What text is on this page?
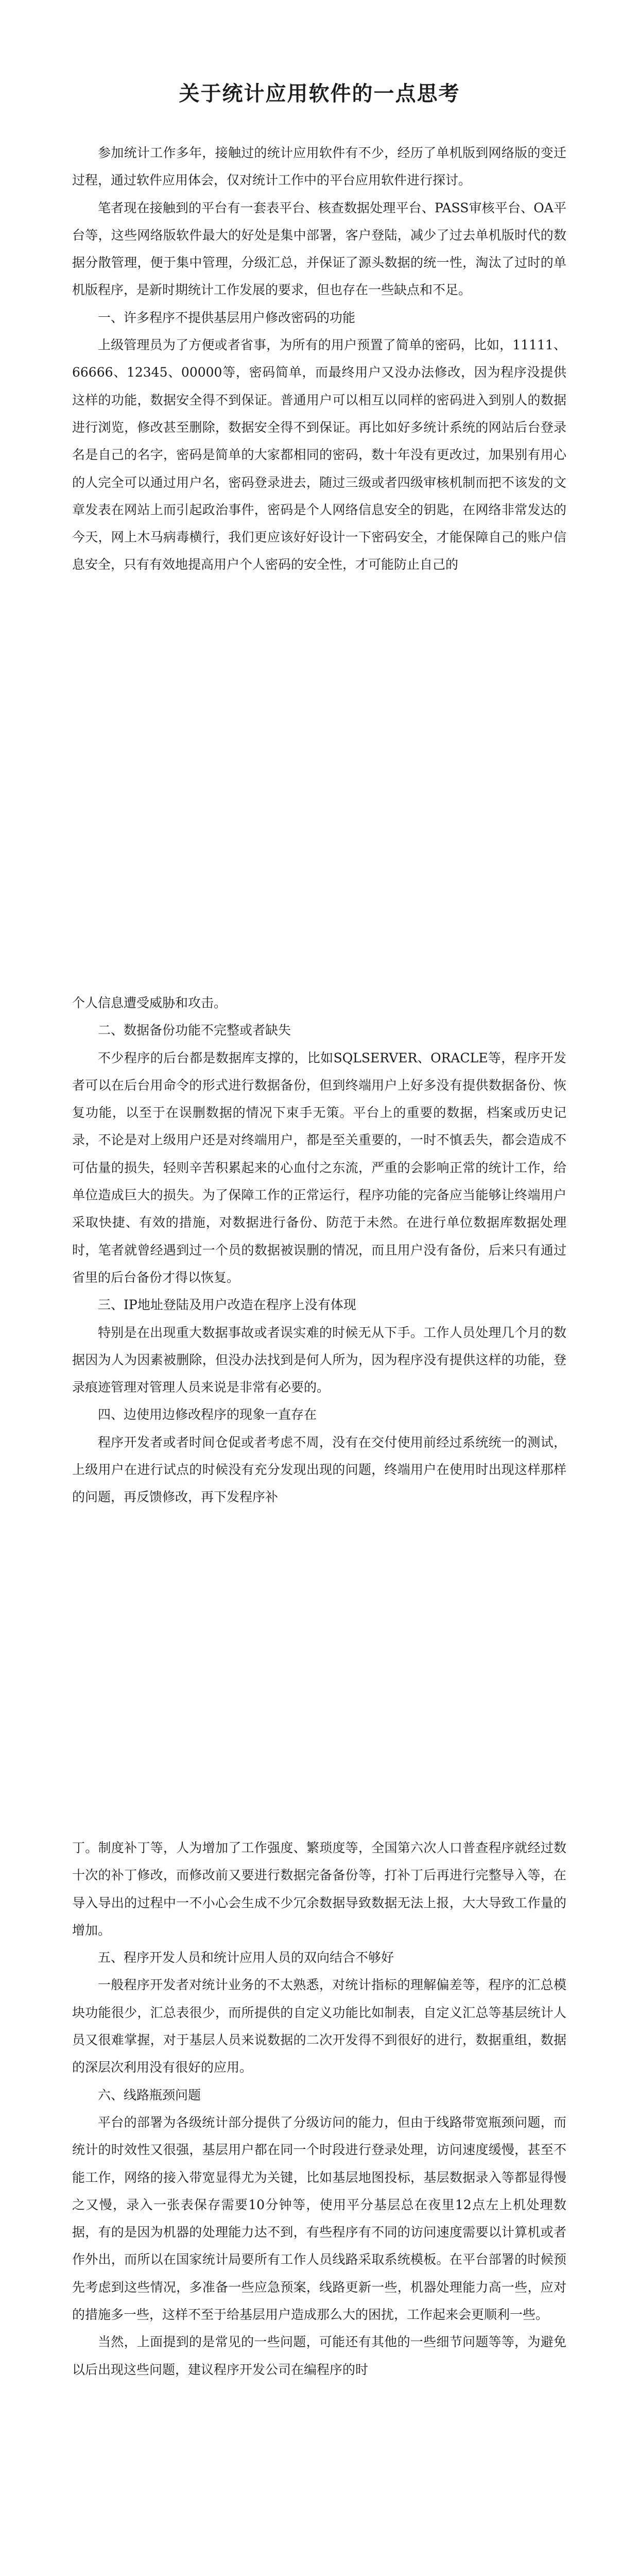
关于统计应用软件的一点思考

参加统计工作多年，接触过的统计应用软件有不少，经历了单机版到网络版的变迁过程，通过软件应用体会，仅对统计工作中的平台应用软件进行探讨。

笔者现在接触到的平台有一套表平台、核查数据处理平台、PASS审核平台、OA平台等，这些网络版软件最大的好处是集中部署，客户登陆，减少了过去单机版时代的数据分散管理，便于集中管理，分级汇总，并保证了源头数据的统一性，淘汰了过时的单机版程序，是新时期统计工作发展的要求，但也存在一些缺点和不足。

一、许多程序不提供基层用户修改密码的功能

上级管理员为了方便或者省事，为所有的用户预置了简单的密码，比如，11111、66666、12345、00000等，密码简单，而最终用户又没办法修改，因为程序没提供这样的功能，数据安全得不到保证。普通用户可以相互以同样的密码进入到别人的数据进行浏览，修改甚至删除，数据安全得不到保证。再比如好多统计系统的网站后台登录名是自己的名字，密码是简单的大家都相同的密码，数十年没有更改过，加果别有用心的人完全可以通过用户名，密码登录进去，随过三级或者四级审核机制而把不该发的文章发表在网站上而引起政治事件，密码是个人网络信息安全的钥匙，在网络非常发达的今天，网上木马病毒横行，我们更应该好好设计一下密码安全，才能保障自己的账户信息安全，只有有效地提高用户个人密码的安全性，才可能防止自己的

个人信息遭受威胁和攻击。

二、数据备份功能不完整或者缺失

不少程序的后台都是数据库支撑的，比如SQLSERVER、ORACLE等，程序开发者可以在后台用命令的形式进行数据备份，但到终端用户上好多没有提供数据备份、恢复功能，以至于在误删数据的情况下束手无策。平台上的重要的数据，档案或历史记录，不论是对上级用户还是对终端用户，都是至关重要的，一时不慎丢失，都会造成不可估量的损失，轻则辛苦积累起来的心血付之东流，严重的会影响正常的统计工作，给单位造成巨大的损失。为了保障工作的正常运行，程序功能的完备应当能够让终端用户采取快捷、有效的措施，对数据进行备份、防范于未然。在进行单位数据库数据处理时，笔者就曾经遇到过一个员的数据被误删的情况，而且用户没有备份，后来只有通过省里的后台备份才得以恢复。

三、IP地址登陆及用户改造在程序上没有体现

特别是在出现重大数据事故或者误实难的时候无从下手。工作人员处理几个月的数据因为人为因素被删除，但没办法找到是何人所为，因为程序没有提供这样的功能，登录痕迹管理对管理人员来说是非常有必要的。

四、边使用边修改程序的现象一直存在

程序开发者或者时间仓促或者考虑不周，没有在交付使用前经过系统统一的测试，上级用户在进行试点的时候没有充分发现出现的问题，终端用户在使用时出现这样那样的问题，再反馈修改，再下发程序补

丁。制度补丁等，人为增加了工作强度、繁琐度等，全国第六次人口普查程序就经过数十次的补丁修改，而修改前又要进行数据完备备份等，打补丁后再进行完整导入等，在导入导出的过程中一不小心会生成不少冗余数据导致数据无法上报，大大导致工作量的增加。

五、程序开发人员和统计应用人员的双向结合不够好

一般程序开发者对统计业务的不太熟悉，对统计指标的理解偏差等，程序的汇总模块功能很少，汇总表很少，而所提供的自定义功能比如制表，自定义汇总等基层统计人员又很难掌握，对于基层人员来说数据的二次开发得不到很好的进行，数据重组，数据的深层次利用没有很好的应用。

六、线路瓶颈问题

平台的部署为各级统计部分提供了分级访问的能力，但由于线路带宽瓶颈问题，而统计的时效性又很强，基层用户都在同一个时段进行登录处理，访问速度缓慢，甚至不能工作，网络的接入带宽显得尤为关键，比如基层地图投标，基层数据录入等都显得慢之又慢，录入一张表保存需要10分钟等，使用平分基层总在夜里12点左上机处理数据，有的是因为机器的处理能力达不到，有些程序有不同的访问速度需要以计算机或者作外出，而所以在国家统计局要所有工作人员线路采取系统模板。在平台部署的时候预先考虑到这些情况，多准备一些应急预案，线路更新一些，机器处理能力高一些，应对的措施多一些，这样不至于给基层用户造成那么大的困扰，工作起来会更顺利一些。

当然，上面提到的是常见的一些问题，可能还有其他的一些细节问题等等，为避免以后出现这些问题，建议程序开发公司在编程序的时
